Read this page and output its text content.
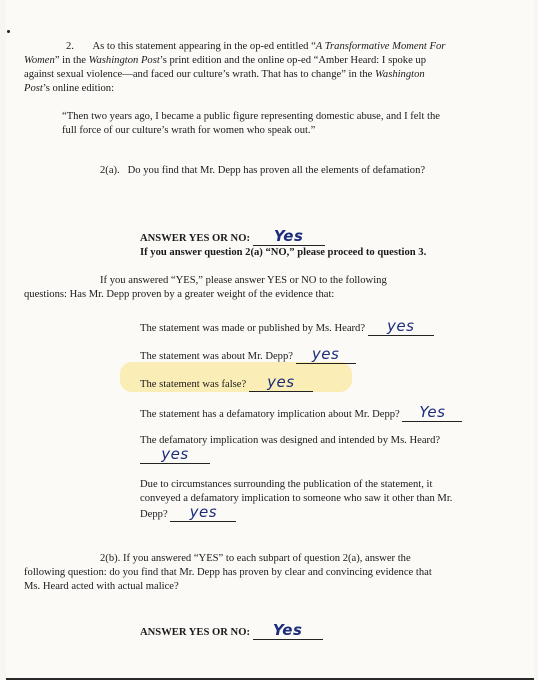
2. As to this statement appearing in the op-ed entitled “A Transformative Moment For
Women” in the Washington Post’s print edition and the online op-ed “Amber Heard: I spoke up
against sexual violence—and faced our culture’s wrath. That has to change” in the Washington
Post’s online edition:
“Then two years ago, I became a public figure representing domestic abuse, and I felt the
full force of our culture’s wrath for women who speak out.”
2(a). Do you find that Mr. Depp has proven all the elements of defamation?
ANSWER YES OR NO: Yes
If you answer question 2(a) “NO,” please proceed to question 3.
If you answered “YES,” please answer YES or NO to the following
questions: Has Mr. Depp proven by a greater weight of the evidence that:
The statement was made or published by Ms. Heard? yes
The statement was about Mr. Depp? yes
The statement was false? yes
The statement has a defamatory implication about Mr. Depp? Yes
The defamatory implication was designed and intended by Ms. Heard?
yes
Due to circumstances surrounding the publication of the statement, it
conveyed a defamatory implication to someone who saw it other than Mr.
Depp? yes
2(b). If you answered “YES” to each subpart of question 2(a), answer the
following question: do you find that Mr. Depp has proven by clear and convincing evidence that
Ms. Heard acted with actual malice?
ANSWER YES OR NO: Yes
